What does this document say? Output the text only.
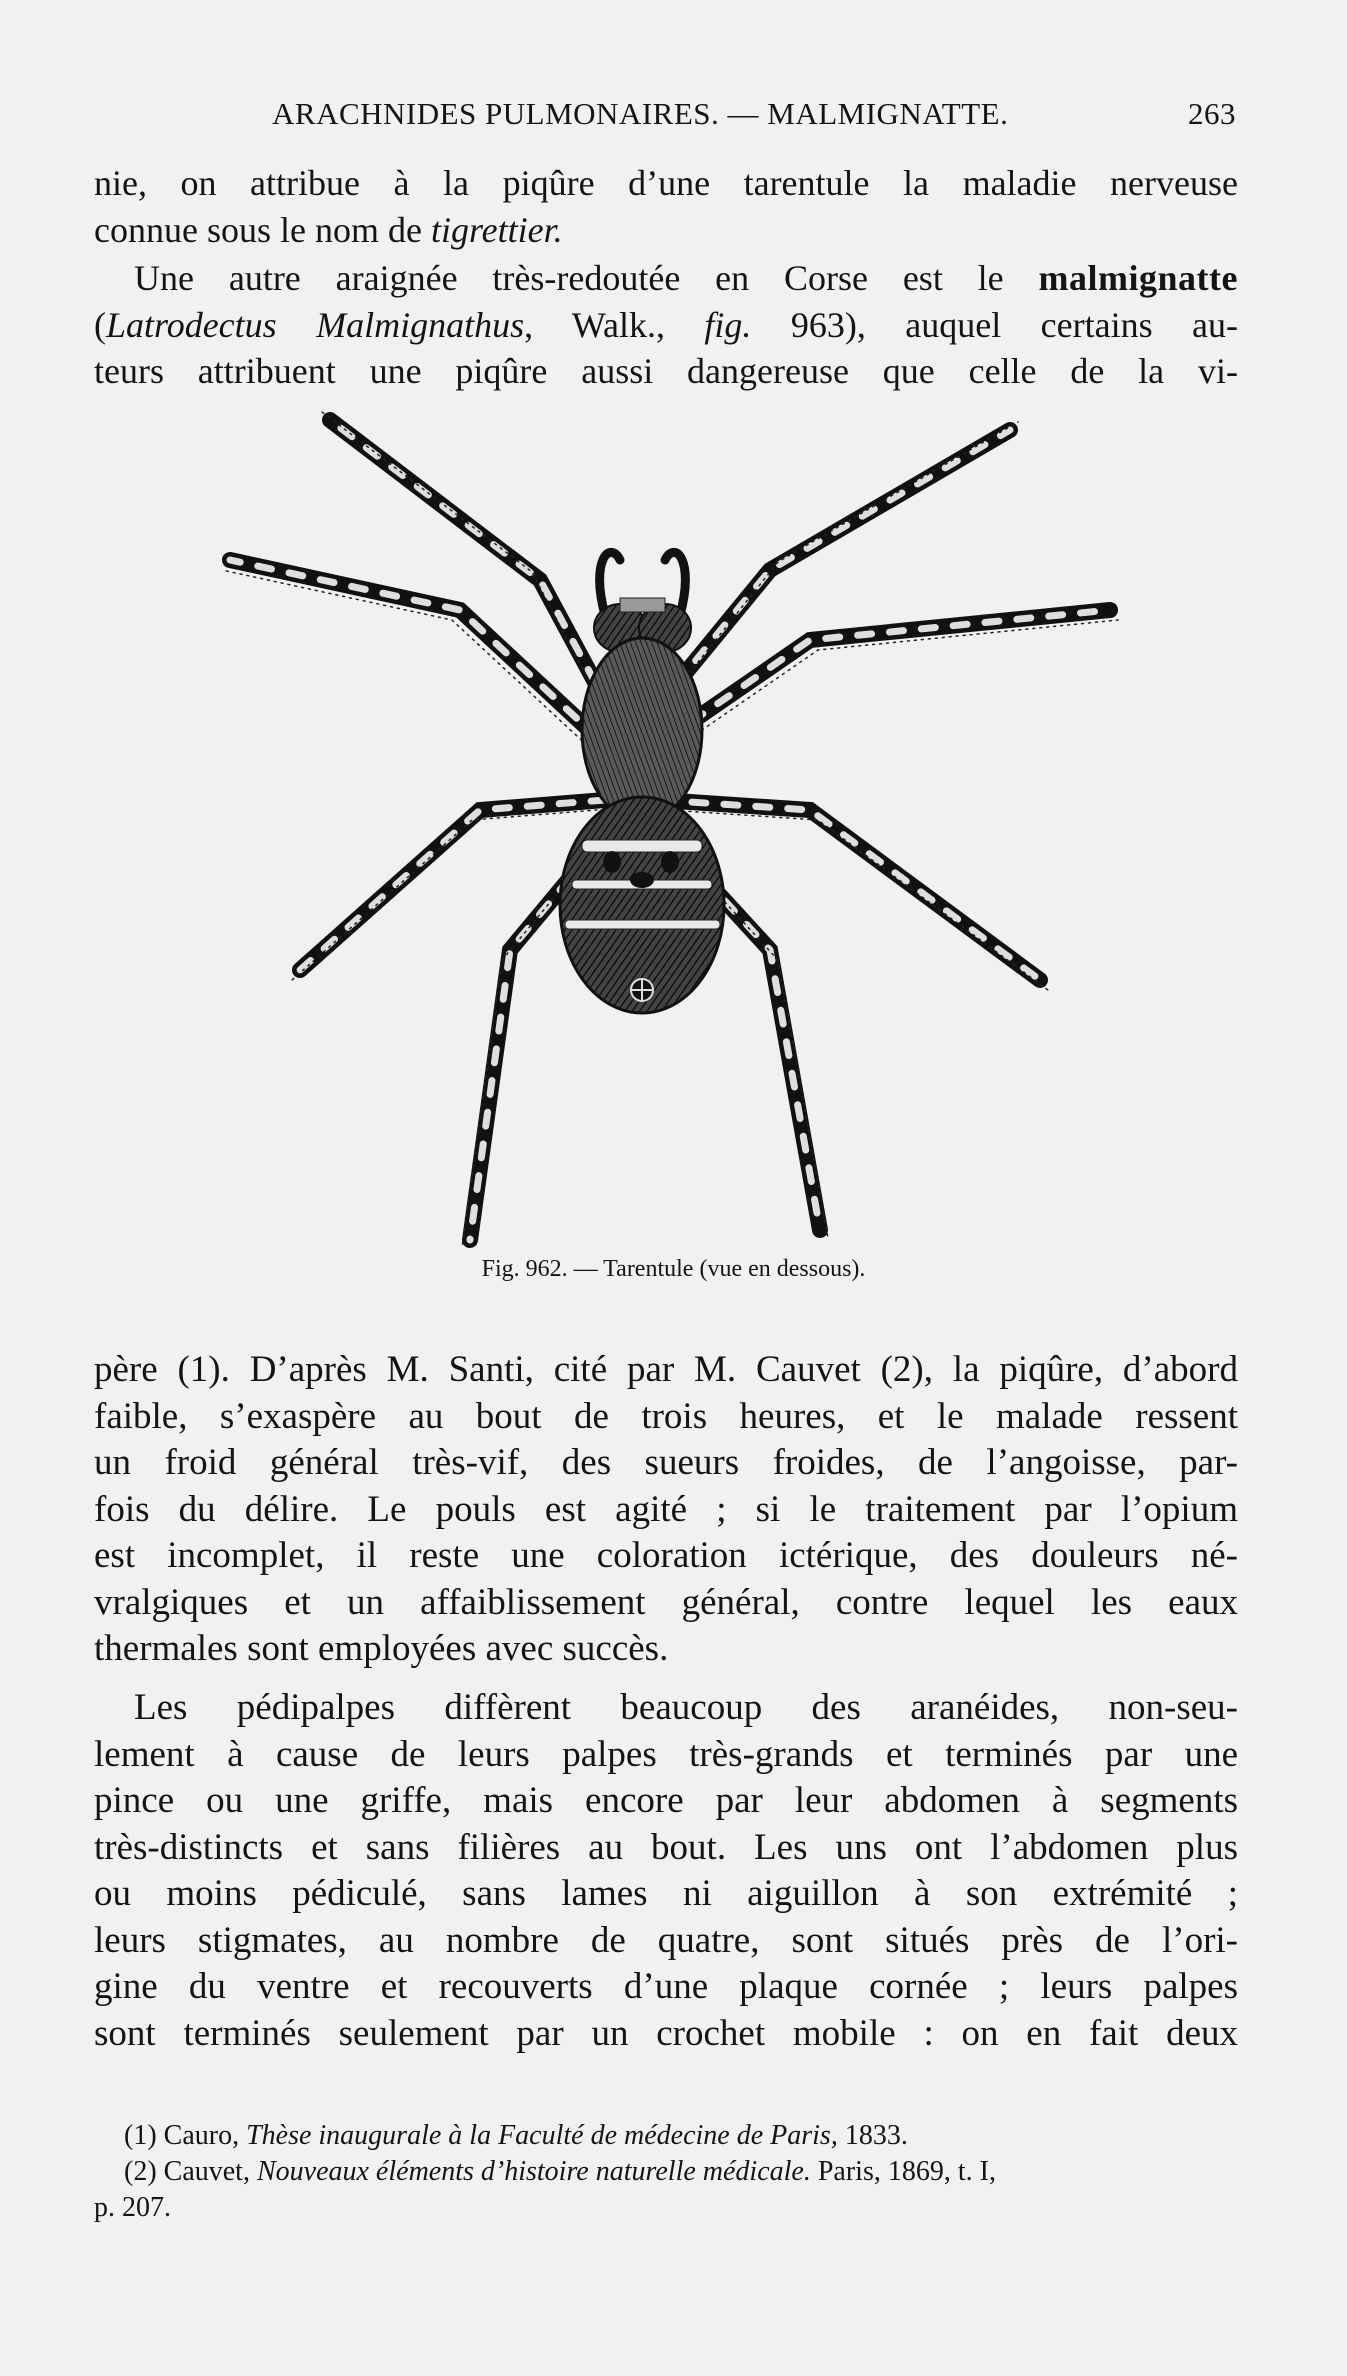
ARACHNIDES PULMONAIRES. — MALMIGNATTE.	263
nie, on attribue à la piqûre d’une tarentule la maladie nerveuse
connue sous le nom de tigrettier.
Une autre araignée très-redoutée en Corse est le malmignatte
(Latrodectus Malmignathus, Walk., fig. 963), auquel certains au-
teurs attribuent une piqûre aussi dangereuse que celle de la vi-
Fig. 962. — Tarentule (vue en dessous).
père (1). D’après M. Santi, cité par M. Cauvet (2), la piqûre, d’abord
faible, s’exaspère au bout de trois heures, et le malade ressent
un froid général très-vif, des sueurs froides, de l’angoisse, par-
fois du délire. Le pouls est agité ; si le traitement par l’opium
est incomplet, il reste une coloration ictérique, des douleurs né-
vralgiques et un affaiblissement général, contre lequel les eaux
thermales sont employées avec succès.
Les pédipalpes diffèrent beaucoup des aranéides, non-seu-
lement à cause de leurs palpes très-grands et terminés par une
pince ou une griffe, mais encore par leur abdomen à segments
très-distincts et sans filières au bout. Les uns ont l’abdomen plus
ou moins pédiculé, sans lames ni aiguillon à son extrémité ;
leurs stigmates, au nombre de quatre, sont situés près de l’ori-
gine du ventre et recouverts d’une plaque cornée ; leurs palpes
sont terminés seulement par un crochet mobile : on en fait deux

(1) Cauro, Thèse inaugurale à la Faculté de médecine de Paris, 1833.

(2) Cauvet, Nouveaux éléments d’histoire naturelle médicale. Paris, 1869, t. I,

p. 207.
